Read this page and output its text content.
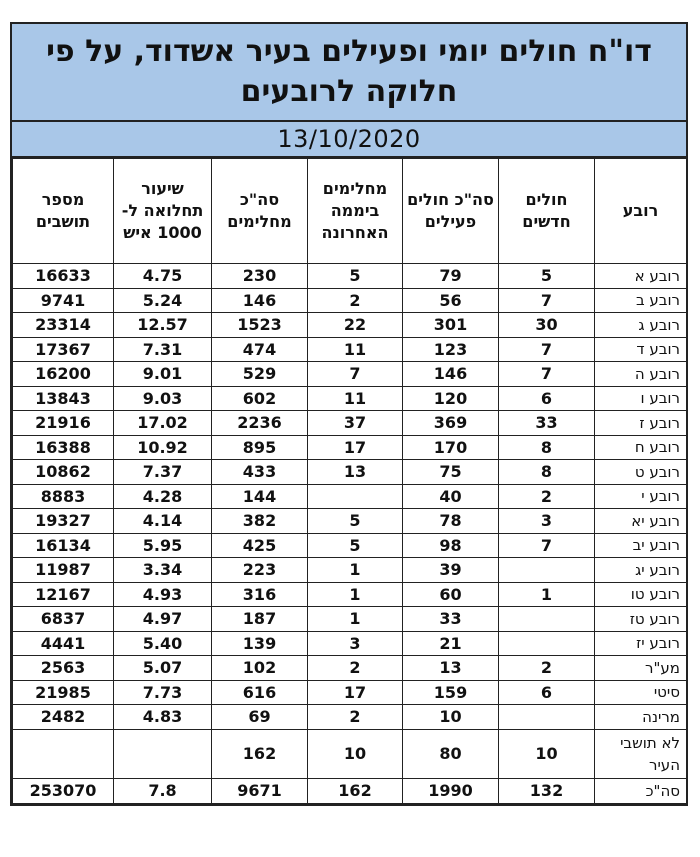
דו"ח חולים יומי ופעילים בעיר אשדוד, על פי חלוקה לרובעים
13/10/2020
רובע	חולים חדשים	סה"כ חולים פעילים	מחלימים ביממה האחרונה	סה"כ מחלימים	שיעור תחלואה ל- 1000 איש	מספר תושבים
רובע א	5	79	5	230	4.75	16633
רובע ב	7	56	2	146	5.24	9741
רובע ג	30	301	22	1523	12.57	23314
רובע ד	7	123	11	474	7.31	17367
רובע ה	7	146	7	529	9.01	16200
רובע ו	6	120	11	602	9.03	13843
רובע ז	33	369	37	2236	17.02	21916
רובע ח	8	170	17	895	10.92	16388
רובע ט	8	75	13	433	7.37	10862
רובע י	2	40		144	4.28	8883
רובע יא	3	78	5	382	4.14	19327
רובע יב	7	98	5	425	5.95	16134
רובע יג		39	1	223	3.34	11987
רובע טו	1	60	1	316	4.93	12167
רובע טז		33	1	187	4.97	6837
רובע יז		21	3	139	5.40	4441
מע"ר	2	13	2	102	5.07	2563
סיטי	6	159	17	616	7.73	21985
מרינה		10	2	69	4.83	2482
לא תושבי העיר	10	80	10	162		
סה"כ	132	1990	162	9671	7.8	253070
